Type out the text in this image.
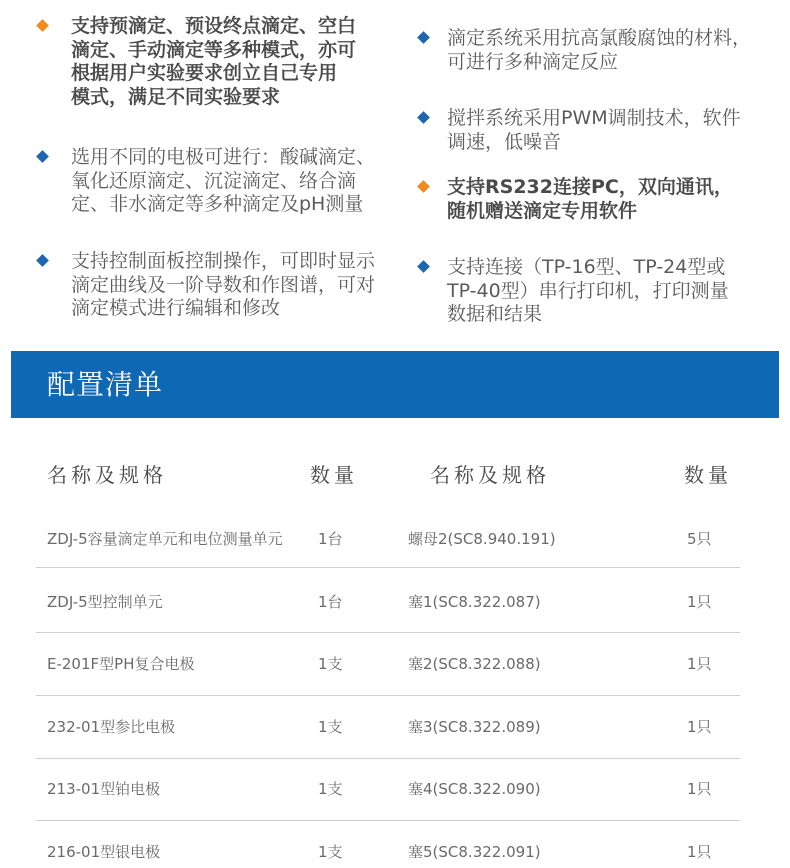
支持预滴定、预设终点滴定、空白
滴定、手动滴定等多种模式，亦可
根据用户实验要求创立自己专用
模式，满足不同实验要求
选用不同的电极可进行：酸碱滴定、
氧化还原滴定、沉淀滴定、络合滴
定、非水滴定等多种滴定及pH测量
支持控制面板控制操作，可即时显示
滴定曲线及一阶导数和作图谱，可对
滴定模式进行编辑和修改
滴定系统采用抗高氯酸腐蚀的材料，
可进行多种滴定反应
搅拌系统采用PWM调制技术，软件
调速，低噪音
支持RS232连接PC，双向通讯，
随机赠送滴定专用软件
支持连接（TP-16型、TP-24型或
TP-40型）串行打印机，打印测量
数据和结果
配置清单
名称及规格	数量	名称及规格	数量
ZDJ-5容量滴定单元和电位测量单元 1台	螺母2(SC8.940.191)	5只
ZDJ-5型控制单元	1台	塞1(SC8.322.087)	1只
E-201F型PH复合电极	1支	塞2(SC8.322.088)	1只
232-01型参比电极	1支	塞3(SC8.322.089)	1只
213-01型铂电极	1支	塞4(SC8.322.090)	1只
216-01型银电极	1支	塞5(SC8.322.091)	1只
